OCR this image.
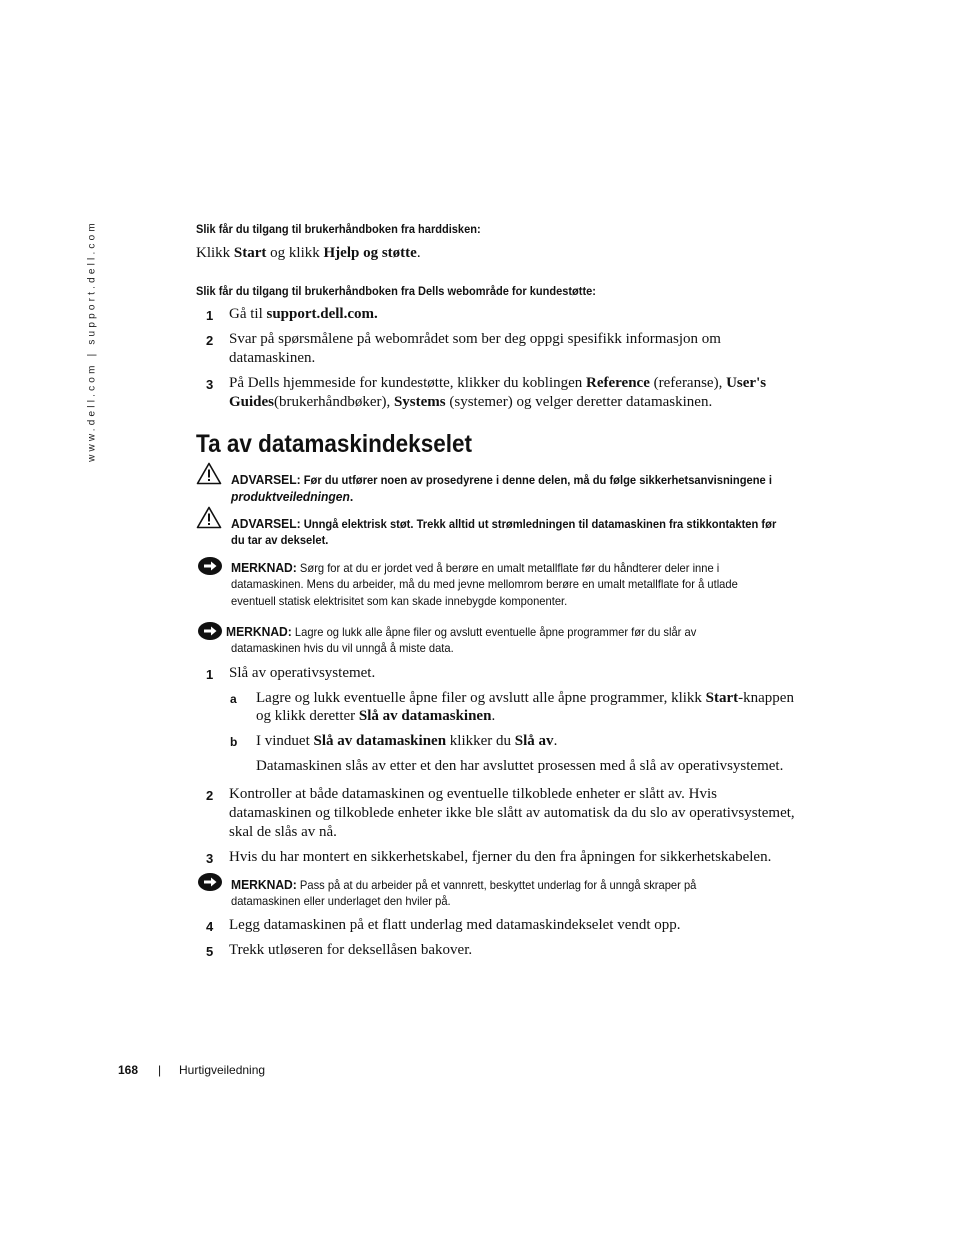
www.dell.com | support.dell.com	Slik får du tilgang til brukerhåndboken fra harddisken:
Klikk Start og klikk Hjelp og støtte.
Slik får du tilgang til brukerhåndboken fra Dells webområde for kundestøtte:
1 Gå til support.dell.com.
2 Svar på spørsmålene på webområdet som ber deg oppgi spesifikk informasjon om
datamaskinen.
3 På Dells hjemmeside for kundestøtte, klikker du koblingen Reference (referanse), User's
Guides(brukerhåndbøker), Systems (systemer) og velger deretter datamaskinen.
Ta av datamaskindekselet
ADVARSEL: Før du utfører noen av prosedyrene i denne delen, må du følge sikkerhetsanvisningene i
produktveiledningen.
ADVARSEL: Unngå elektrisk støt. Trekk alltid ut strømledningen til datamaskinen fra stikkontakten før
du tar av dekselet.
MERKNAD: Sørg for at du er jordet ved å berøre en umalt metallflate før du håndterer deler inne i
datamaskinen. Mens du arbeider, må du med jevne mellomrom berøre en umalt metallflate for å utlade
eventuell statisk elektrisitet som kan skade innebygde komponenter.
MERKNAD: Lagre og lukk alle åpne filer og avslutt eventuelle åpne programmer før du slår av
datamaskinen hvis du vil unngå å miste data.
1 Slå av operativsystemet.
a Lagre og lukk eventuelle åpne filer og avslutt alle åpne programmer, klikk Start-knappen
og klikk deretter Slå av datamaskinen.
b I vinduet Slå av datamaskinen klikker du Slå av.
Datamaskinen slås av etter et den har avsluttet prosessen med å slå av operativsystemet.
2 Kontroller at både datamaskinen og eventuelle tilkoblede enheter er slått av. Hvis
datamaskinen og tilkoblede enheter ikke ble slått av automatisk da du slo av operativsystemet,
skal de slås av nå.
3 Hvis du har montert en sikkerhetskabel, fjerner du den fra åpningen for sikkerhetskabelen.
MERKNAD: Pass på at du arbeider på et vannrett, beskyttet underlag for å unngå skraper på
datamaskinen eller underlaget den hviler på.
4 Legg datamaskinen på et flatt underlag med datamaskindekselet vendt opp.
5 Trekk utløseren for deksellåsen bakover.
168 | Hurtigveiledning
